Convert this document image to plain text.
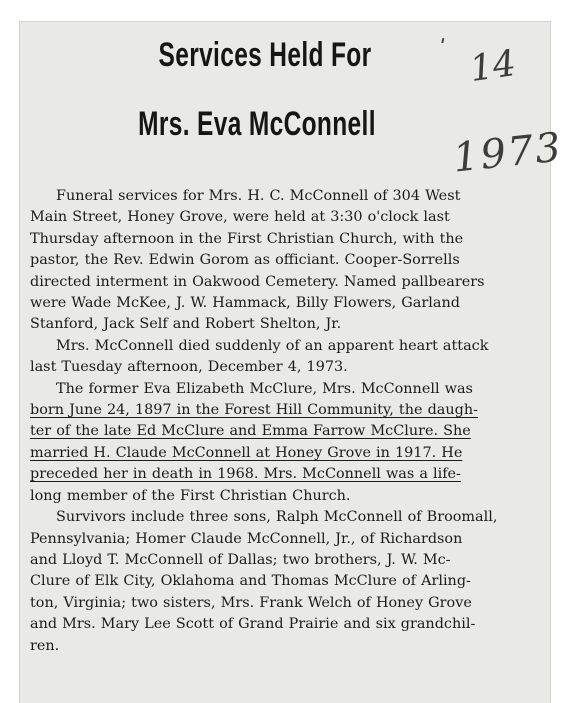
Services Held For
Mrs. Eva McConnell
ˈ 14
1973
Funeral services for Mrs. H. C. McConnell of 304 West
Main Street, Honey Grove, were held at 3:30 o'clock last
Thursday afternoon in the First Christian Church, with the
pastor, the Rev. Edwin Gorom as officiant. Cooper-Sorrells
directed interment in Oakwood Cemetery. Named pallbearers
were Wade McKee, J. W. Hammack, Billy Flowers, Garland
Stanford, Jack Self and Robert Shelton, Jr.
Mrs. McConnell died suddenly of an apparent heart attack
last Tuesday afternoon, December 4, 1973.
The former Eva Elizabeth McClure, Mrs. McConnell was
born June 24, 1897 in the Forest Hill Community, the daugh-
ter of the late Ed McClure and Emma Farrow McClure. She
married H. Claude McConnell at Honey Grove in 1917. He
preceded her in death in 1968. Mrs. McConnell was a life-
long member of the First Christian Church.
Survivors include three sons, Ralph McConnell of Broomall,
Pennsylvania; Homer Claude McConnell, Jr., of Richardson
and Lloyd T. McConnell of Dallas; two brothers, J. W. Mc-
Clure of Elk City, Oklahoma and Thomas McClure of Arling-
ton, Virginia; two sisters, Mrs. Frank Welch of Honey Grove
and Mrs. Mary Lee Scott of Grand Prairie and six grandchil-
ren.
